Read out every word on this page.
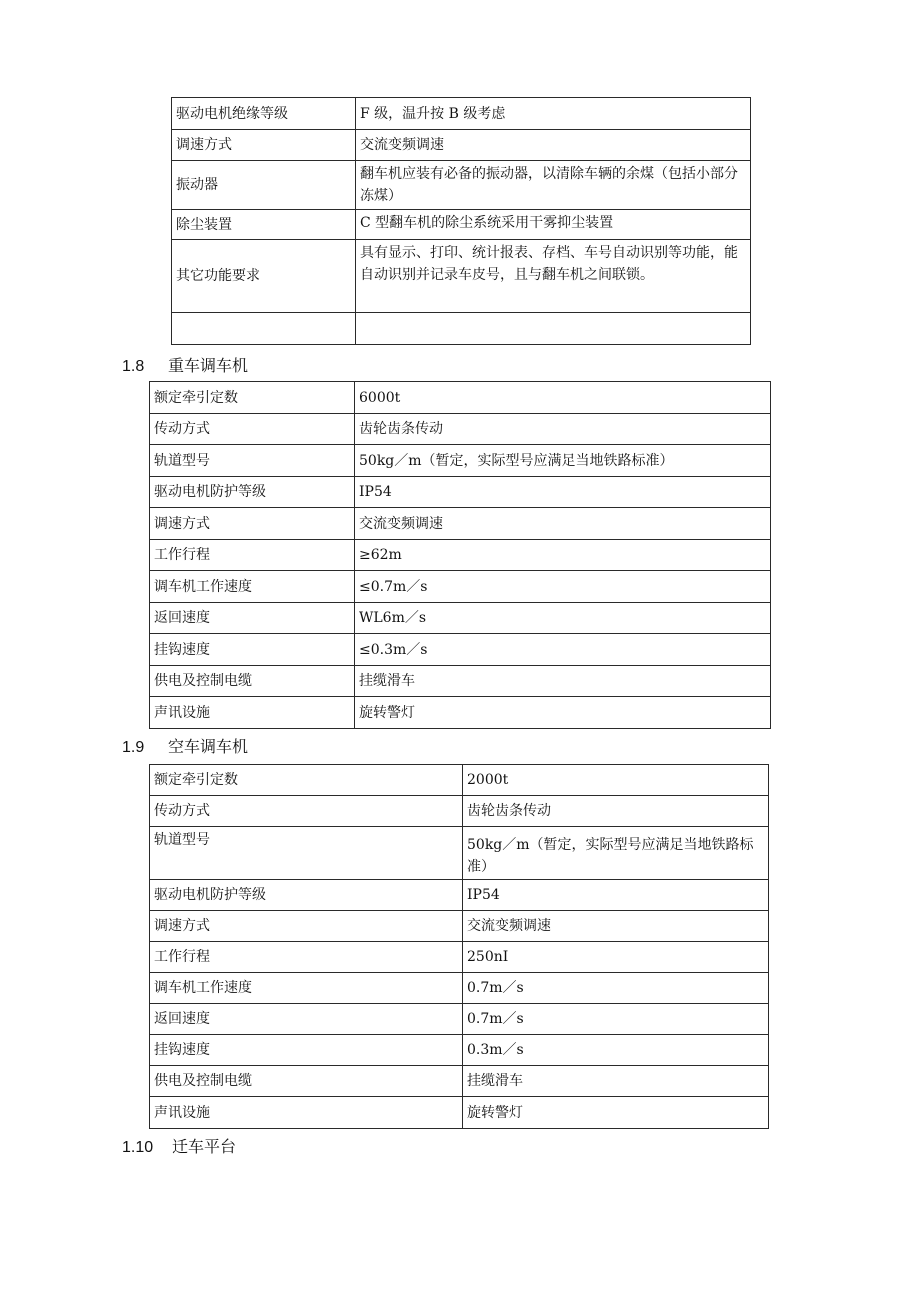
驱动电机绝缘等级	F 级，温升按 B 级考虑
调速方式	交流变频调速
振动器	翻车机应装有必备的振动器，以清除车辆的余煤（包括小部分冻煤）
除尘装置	C 型翻车机的除尘系统采用干雾抑尘装置
其它功能要求	具有显示、打印、统计报表、存档、车号自动识别等功能，能自动识别并记录车皮号，且与翻车机之间联锁。

1.8 重车调车机
额定牵引定数	6000t
传动方式	齿轮齿条传动
轨道型号	50kg／m（暂定，实际型号应满足当地铁路标准）
驱动电机防护等级	IP54
调速方式	交流变频调速
工作行程	≥62m
调车机工作速度	≤0.7m／s
返回速度	WL6m／s
挂钩速度	≤0.3m／s
供电及控制电缆	挂缆滑车
声讯设施	旋转警灯
1.9 空车调车机
额定牵引定数	2000t
传动方式	齿轮齿条传动
轨道型号	50kg／m（暂定，实际型号应满足当地铁路标准）
驱动电机防护等级	IP54
调速方式	交流变频调速
工作行程	250nI
调车机工作速度	0.7m／s
返回速度	0.7m／s
挂钩速度	0.3m／s
供电及控制电缆	挂缆滑车
声讯设施	旋转警灯
1.10 迁车平台
